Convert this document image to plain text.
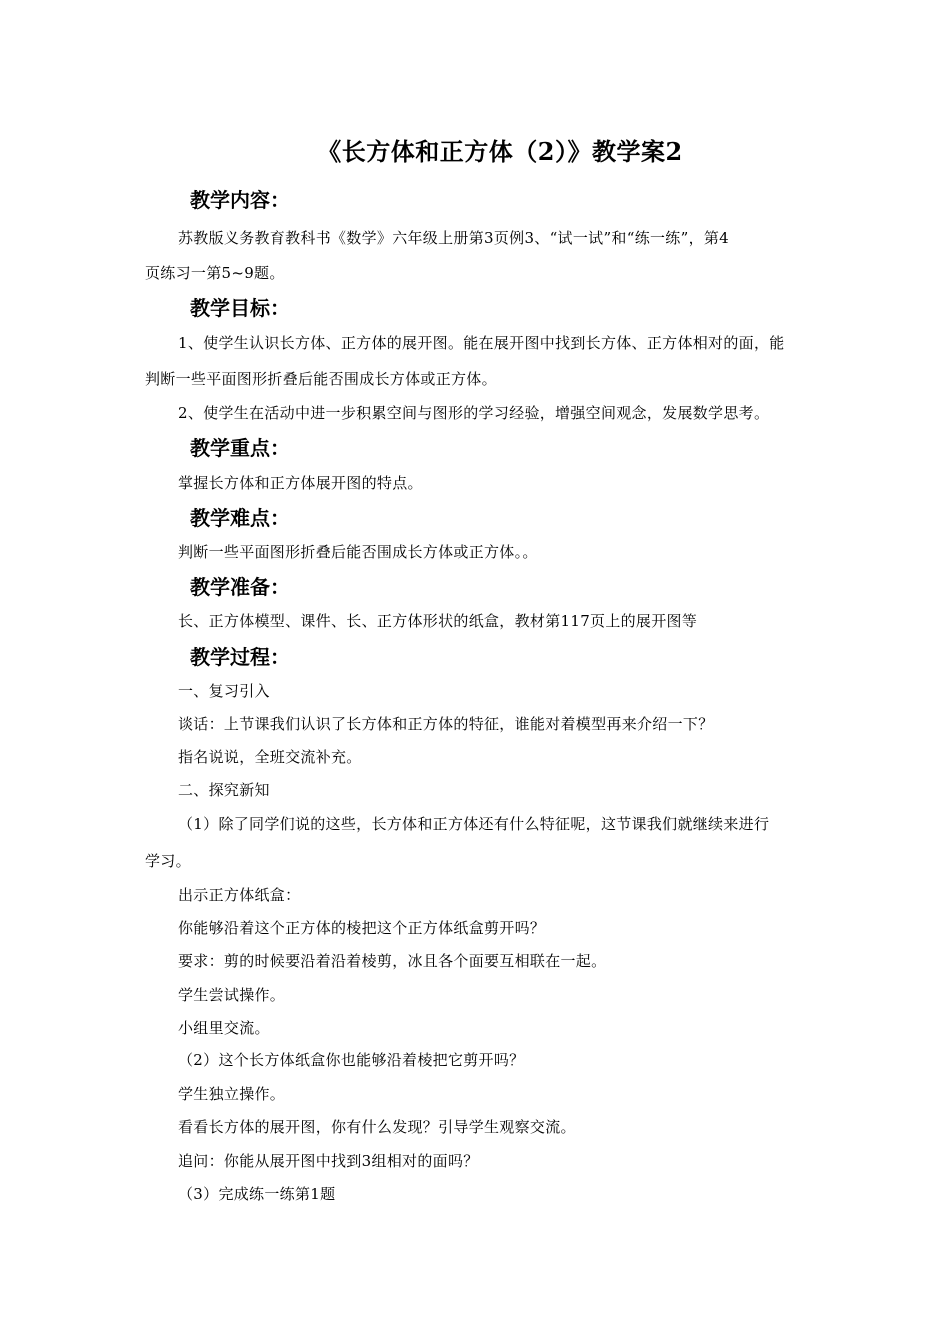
《长方体和正方体（2）》教学案2
教学内容：
苏教版义务教育教科书《数学》六年级上册第3页例3、“试一试”和“练一练”，第4
页练习一第5~9题。
教学目标：
1、使学生认识长方体、正方体的展开图。能在展开图中找到长方体、正方体相对的面，能
判断一些平面图形折叠后能否围成长方体或正方体。
2、使学生在活动中进一步积累空间与图形的学习经验，增强空间观念，发展数学思考。
教学重点：
掌握长方体和正方体展开图的特点。
教学难点：
判断一些平面图形折叠后能否围成长方体或正方体。。
教学准备：
长、正方体模型、课件、长、正方体形状的纸盒，教材第117页上的展开图等
教学过程：
一、复习引入
谈话：上节课我们认识了长方体和正方体的特征，谁能对着模型再来介绍一下？
指名说说，全班交流补充。
二、探究新知
（1）除了同学们说的这些，长方体和正方体还有什么特征呢，这节课我们就继续来进行
学习。
出示正方体纸盒：
你能够沿着这个正方体的棱把这个正方体纸盒剪开吗？
要求：剪的时候要沿着沿着棱剪，冰且各个面要互相联在一起。
学生尝试操作。
小组里交流。
（2）这个长方体纸盒你也能够沿着棱把它剪开吗？
学生独立操作。
看看长方体的展开图，你有什么发现？引导学生观察交流。
追问：你能从展开图中找到3组相对的面吗？
（3）完成练一练第1题
